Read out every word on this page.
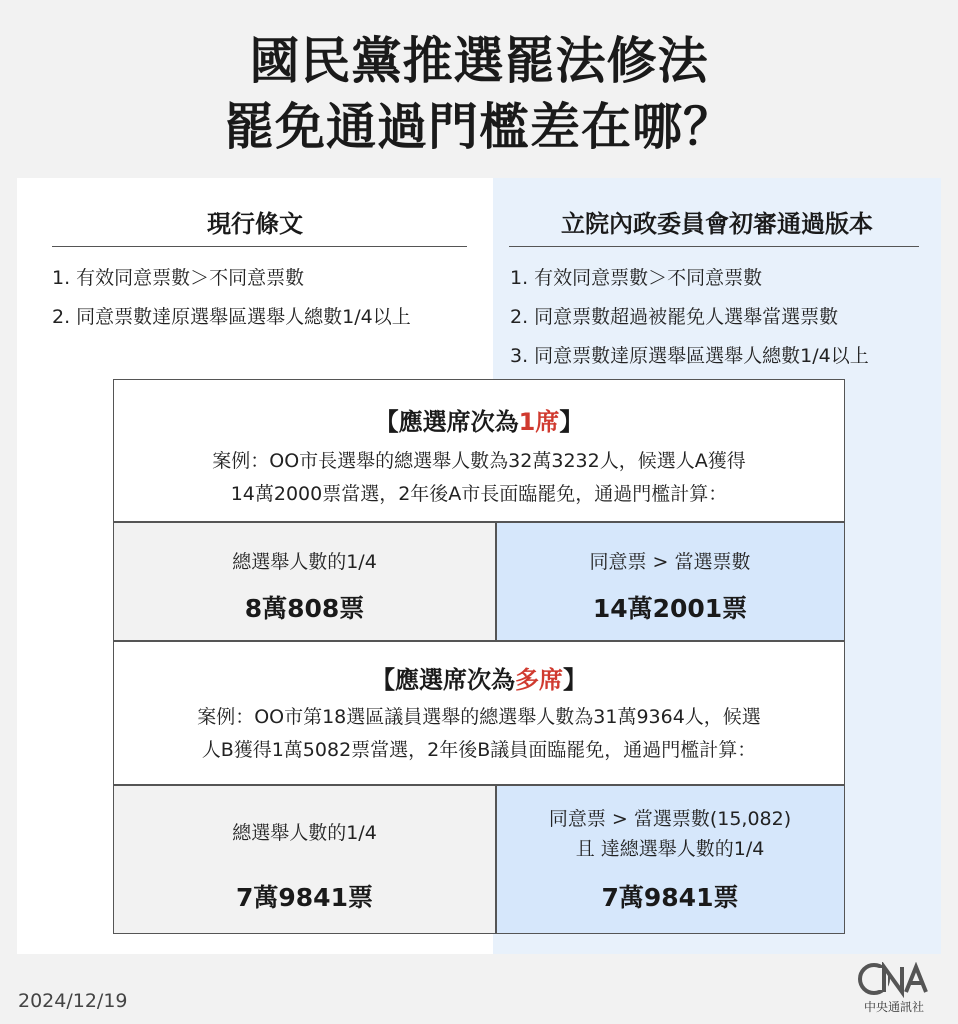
國民黨推選罷法修法
罷免通過門檻差在哪？
現行條文
1. 有效同意票數＞不同意票數
2. 同意票數達原選舉區選舉人總數1/4以上
立院內政委員會初審通過版本
1. 有效同意票數＞不同意票數
2. 同意票數超過被罷免人選舉當選票數
3. 同意票數達原選舉區選舉人總數1/4以上
【應選席次為1席】
案例：OO市長選舉的總選舉人數為32萬3232人，候選人A獲得
14萬2000票當選，2年後A市長面臨罷免，通過門檻計算：
總選舉人數的1/4
8萬808票
同意票 > 當選票數
14萬2001票
【應選席次為多席】
案例：OO市第18選區議員選舉的總選舉人數為31萬9364人，候選
人B獲得1萬5082票當選，2年後B議員面臨罷免，通過門檻計算：
總選舉人數的1/4
7萬9841票
同意票 > 當選票數(15,082)
且 達總選舉人數的1/4
7萬9841票
2024/12/19	中央通訊社
